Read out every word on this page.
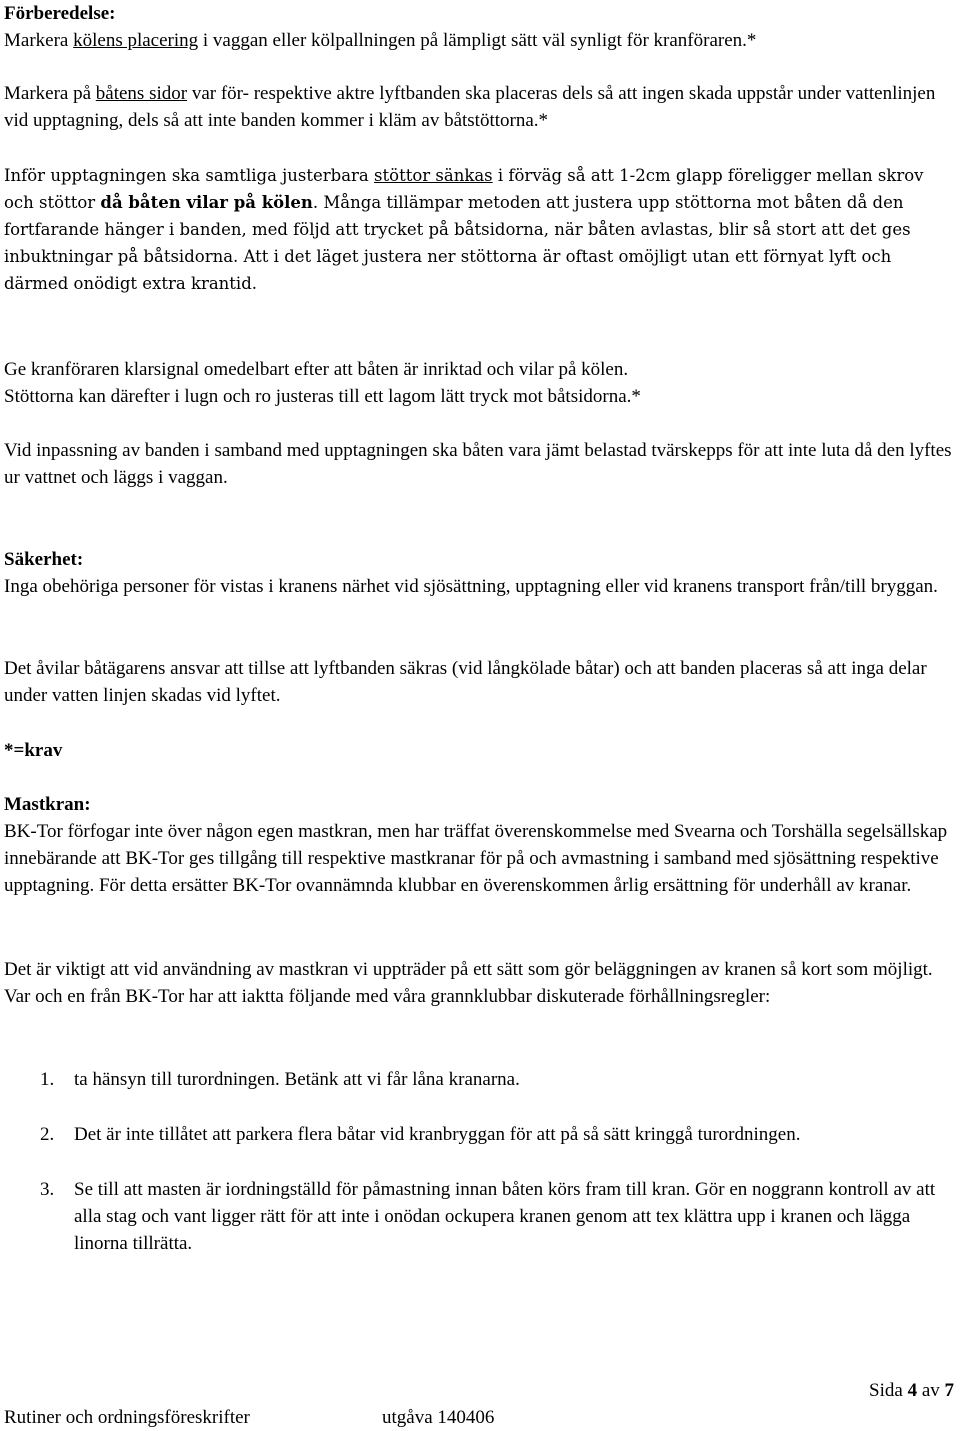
Förberedelse:

Markera kölens placering i vaggan eller kölpallningen på lämpligt sätt väl synligt för kranföraren.*

Markera på båtens sidor var för- respektive aktre lyftbanden ska placeras dels så att ingen skada uppstår under vattenlinjen vid upptagning, dels så att inte banden kommer i kläm av båtstöttorna.*

Inför upptagningen ska samtliga justerbara stöttor sänkas i förväg så att 1-2cm glapp föreligger mellan skrov och stöttor då båten vilar på kölen. Många tillämpar metoden att justera upp stöttorna mot båten då den fortfarande hänger i banden, med följd att trycket på båtsidorna, när båten avlastas, blir så stort att det ges inbuktningar på båtsidorna. Att i det läget justera ner stöttorna är oftast omöjligt utan ett förnyat lyft och därmed onödigt extra krantid.

Ge kranföraren klarsignal omedelbart efter att båten är inriktad och vilar på kölen.

Stöttorna kan därefter i lugn och ro justeras till ett lagom lätt tryck mot båtsidorna.*

Vid inpassning av banden i samband med upptagningen ska båten vara jämt belastad tvärskepps för att inte luta då den lyftes ur vattnet och läggs i vaggan.

Säkerhet:

Inga obehöriga personer för vistas i kranens närhet vid sjösättning, upptagning eller vid kranens transport från/till bryggan.

Det åvilar båtägarens ansvar att tillse att lyftbanden säkras (vid långkölade båtar) och att banden placeras så att inga delar under vatten linjen skadas vid lyftet.

*=krav

Mastkran:

BK-Tor förfogar inte över någon egen mastkran, men har träffat överenskommelse med Svearna och Torshälla segelsällskap innebärande att BK-Tor ges tillgång till respektive mastkranar för på och avmastning i samband med sjösättning respektive upptagning. För detta ersätter BK-Tor ovannämnda klubbar en överenskommen årlig ersättning för underhåll av kranar.

Det är viktigt att vid användning av mastkran vi uppträder på ett sätt som gör beläggningen av kranen så kort som möjligt. Var och en från BK-Tor har att iaktta följande med våra grannklubbar diskuterade förhållningsregler:

1. ta hänsyn till turordningen. Betänk att vi får låna kranarna.
2. Det är inte tillåtet att parkera flera båtar vid kranbryggan för att på så sätt kringgå turordningen.
3. Se till att masten är iordningställd för påmastning innan båten körs fram till kran. Gör en noggrann kontroll av att alla stag och vant ligger rätt för att inte i onödan ockupera kranen genom att tex klättra upp i kranen och lägga linorna tillrätta.
Sida 4 av 7
Rutiner och ordningsföreskrifter	utgåva 140406
